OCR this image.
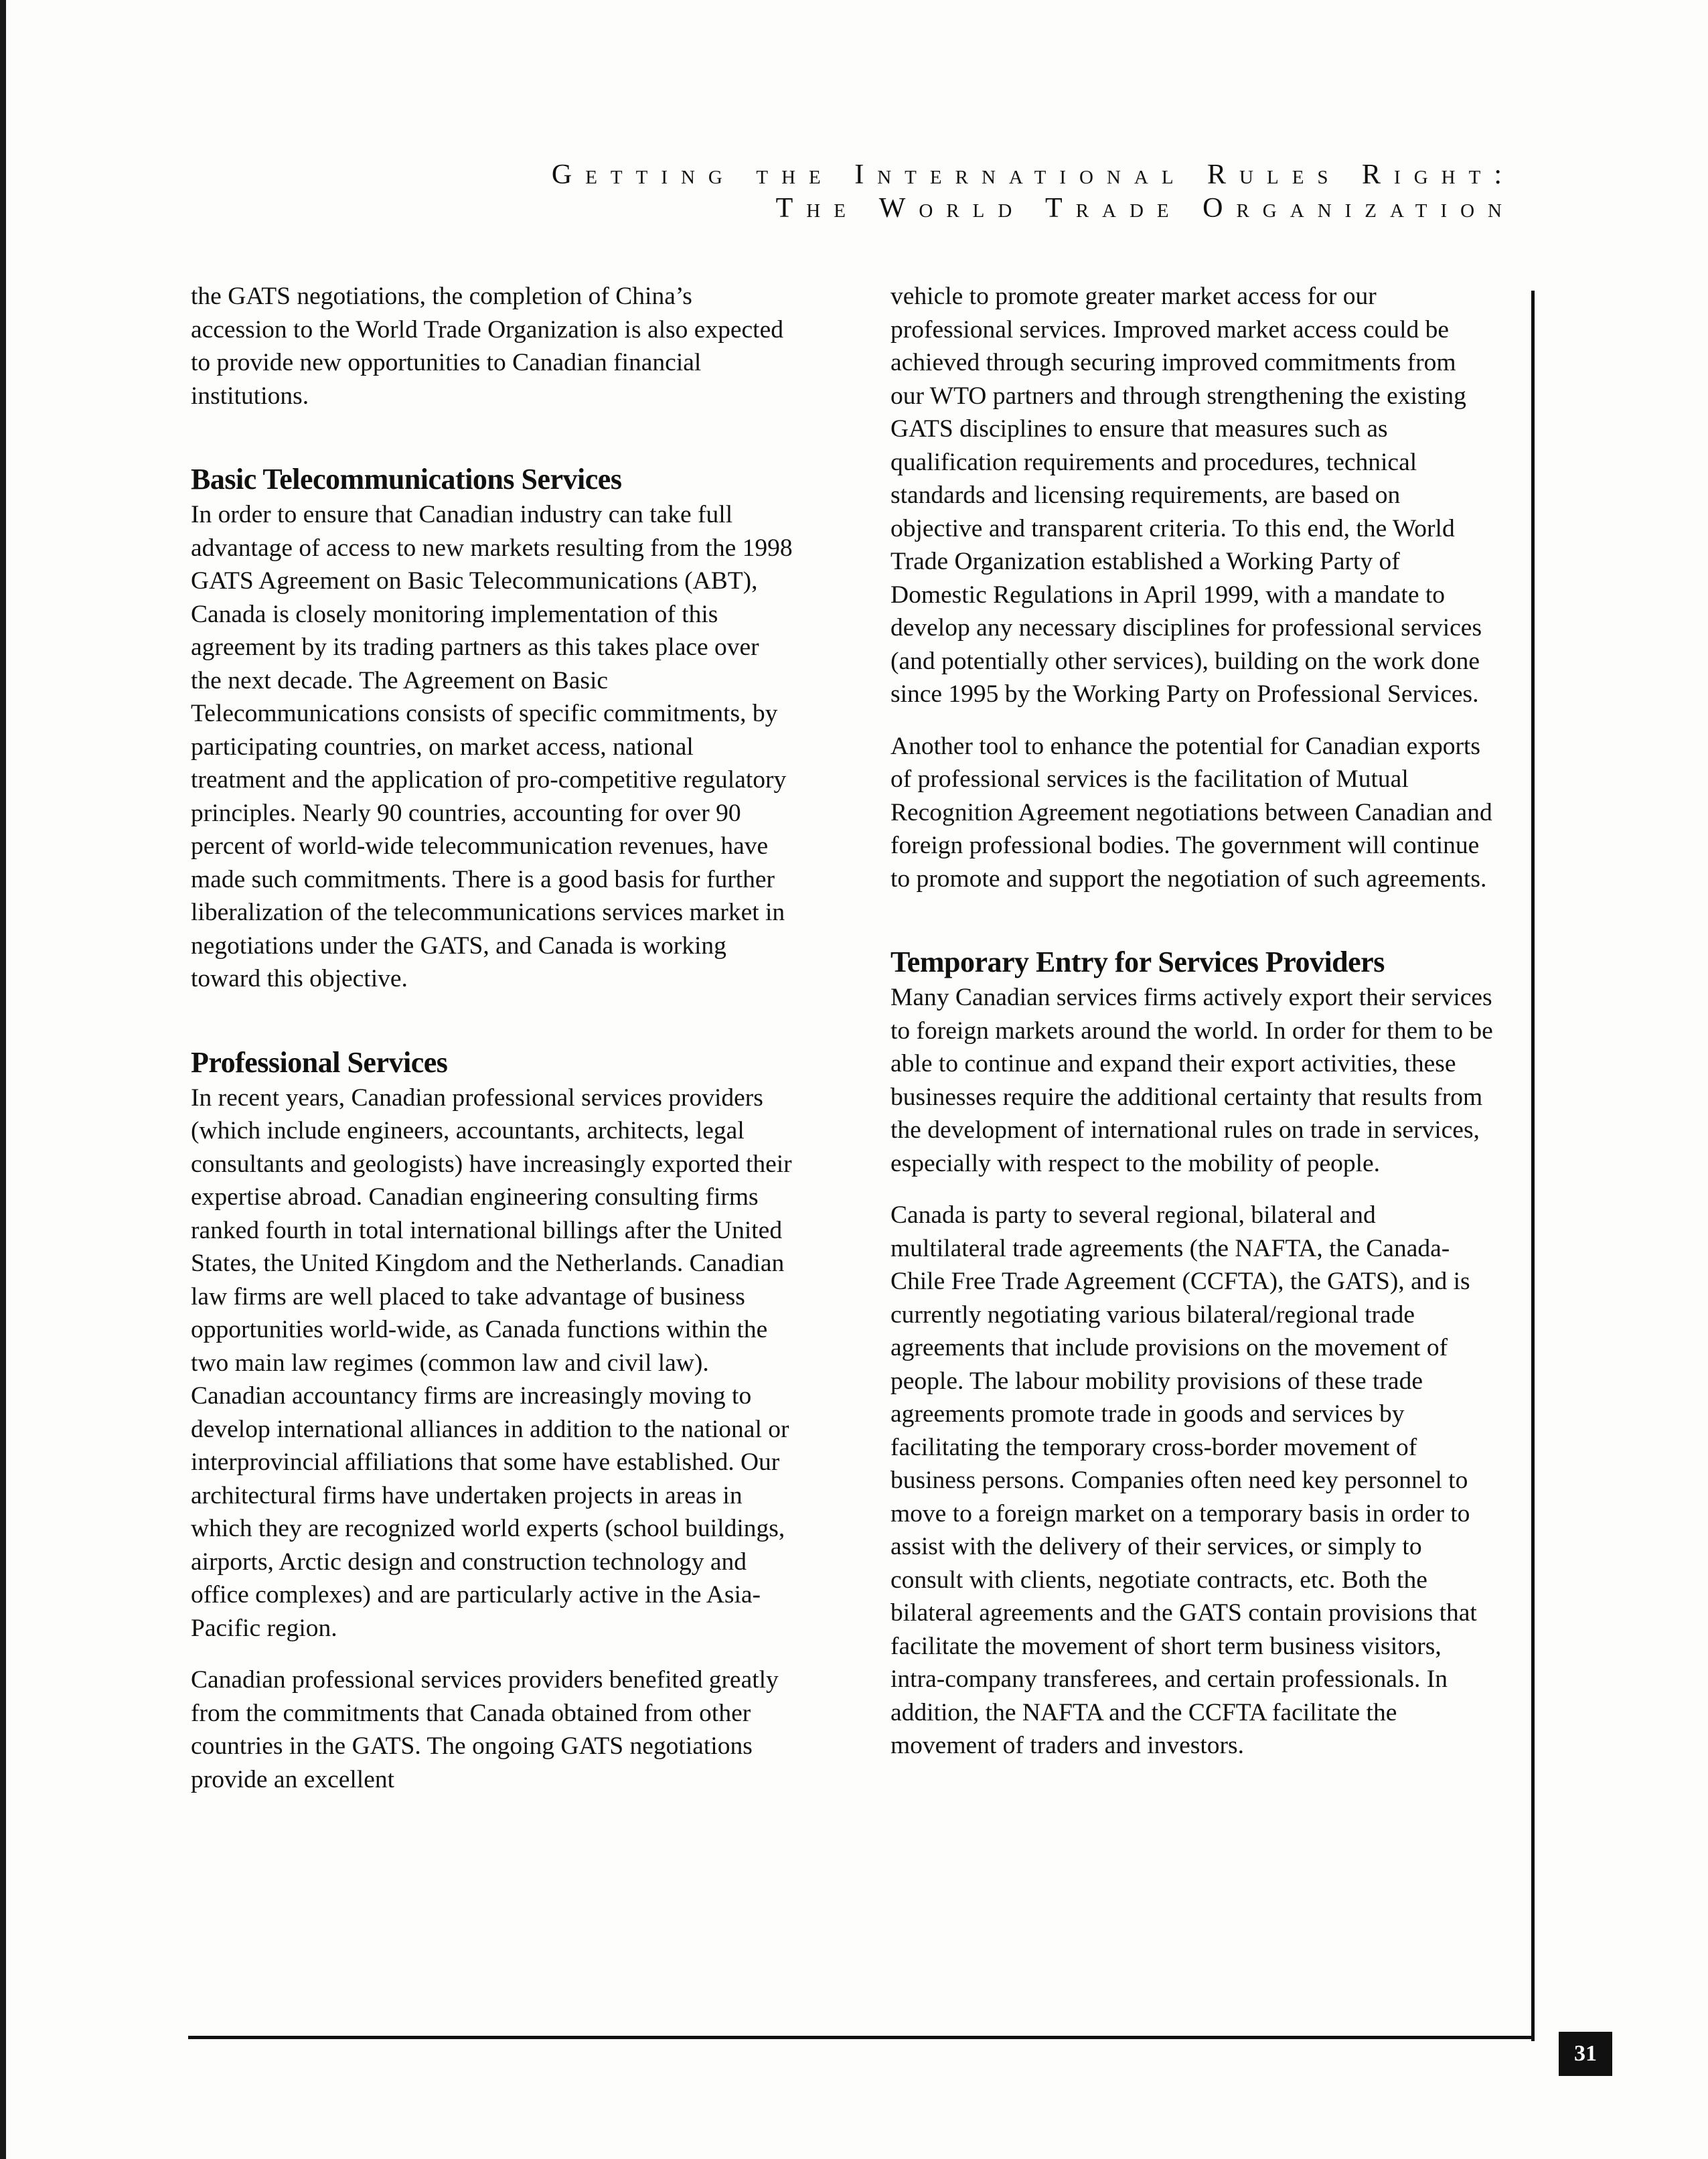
Getting the International Rules Right:
The World Trade Organization

the GATS negotiations, the completion of China’s accession to the World Trade Organization is also expected to provide new opportunities to Canadian financial institutions.

Basic Telecommunications Services

In order to ensure that Canadian industry can take full advantage of access to new markets resulting from the 1998 GATS Agreement on Basic Telecommunications (ABT), Canada is closely monitoring implementation of this agreement by its trading partners as this takes place over the next decade. The Agreement on Basic Telecommunications consists of specific commitments, by participating countries, on market access, national treatment and the application of pro-competitive regulatory principles. Nearly 90 countries, accounting for over 90 percent of world-wide telecommunication revenues, have made such commitments. There is a good basis for further liberalization of the telecommunications services market in negotiations under the GATS, and Canada is working toward this objective.

Professional Services

In recent years, Canadian professional services providers (which include engineers, accountants, architects, legal consultants and geologists) have increasingly exported their expertise abroad. Canadian engineering consulting firms ranked fourth in total international billings after the United States, the United Kingdom and the Netherlands. Canadian law firms are well placed to take advantage of business opportunities world-wide, as Canada functions within the two main law regimes (common law and civil law). Canadian accountancy firms are increasingly moving to develop international alliances in addition to the national or interprovincial affiliations that some have established. Our architectural firms have undertaken projects in areas in which they are recognized world experts (school buildings, airports, Arctic design and construction technology and office complexes) and are particularly active in the Asia-Pacific region.

Canadian professional services providers benefited greatly from the commitments that Canada obtained from other countries in the GATS. The ongoing GATS negotiations provide an excellent

vehicle to promote greater market access for our professional services. Improved market access could be achieved through securing improved commitments from our WTO partners and through strengthening the existing GATS disciplines to ensure that measures such as qualification requirements and procedures, technical standards and licensing requirements, are based on objective and transparent criteria. To this end, the World Trade Organization established a Working Party of Domestic Regulations in April 1999, with a mandate to develop any necessary disciplines for professional services (and potentially other services), building on the work done since 1995 by the Working Party on Professional Services.

Another tool to enhance the potential for Canadian exports of professional services is the facilitation of Mutual Recognition Agreement negotiations between Canadian and foreign professional bodies. The government will continue to promote and support the negotiation of such agreements.

Temporary Entry for Services Providers

Many Canadian services firms actively export their services to foreign markets around the world. In order for them to be able to continue and expand their export activities, these businesses require the additional certainty that results from the development of international rules on trade in services, especially with respect to the mobility of people.

Canada is party to several regional, bilateral and multilateral trade agreements (the NAFTA, the Canada-Chile Free Trade Agreement (CCFTA), the GATS), and is currently negotiating various bilateral/regional trade agreements that include provisions on the movement of people. The labour mobility provisions of these trade agreements promote trade in goods and services by facilitating the temporary cross-border movement of business persons. Companies often need key personnel to move to a foreign market on a temporary basis in order to assist with the delivery of their services, or simply to consult with clients, negotiate contracts, etc. Both the bilateral agreements and the GATS contain provisions that facilitate the movement of short term business visitors, intra-company transferees, and certain professionals. In addition, the NAFTA and the CCFTA facilitate the movement of traders and investors.

31
